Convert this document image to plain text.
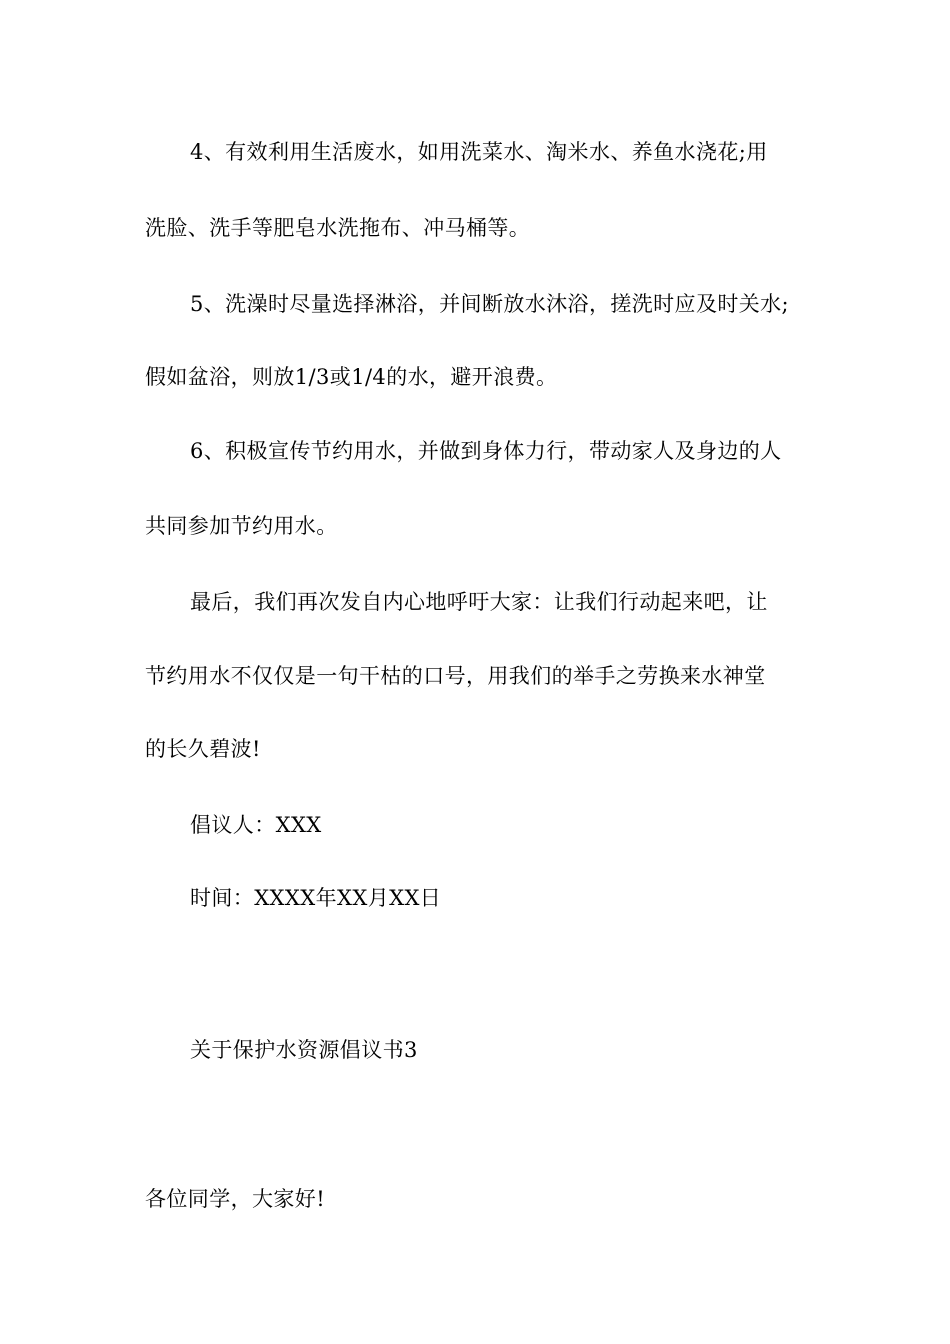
4、有效利用生活废水，如用洗菜水、淘米水、养鱼水浇花;用
洗脸、洗手等肥皂水洗拖布、冲马桶等。
5、洗澡时尽量选择淋浴，并间断放水沐浴，搓洗时应及时关水;
假如盆浴，则放1/3或1/4的水，避开浪费。
6、积极宣传节约用水，并做到身体力行，带动家人及身边的人
共同参加节约用水。
最后，我们再次发自内心地呼吁大家：让我们行动起来吧，让
节约用水不仅仅是一句干枯的口号，用我们的举手之劳换来水神堂
的长久碧波!
倡议人：XXX
时间：XXXX年XX月XX日
关于保护水资源倡议书3
各位同学，大家好!
